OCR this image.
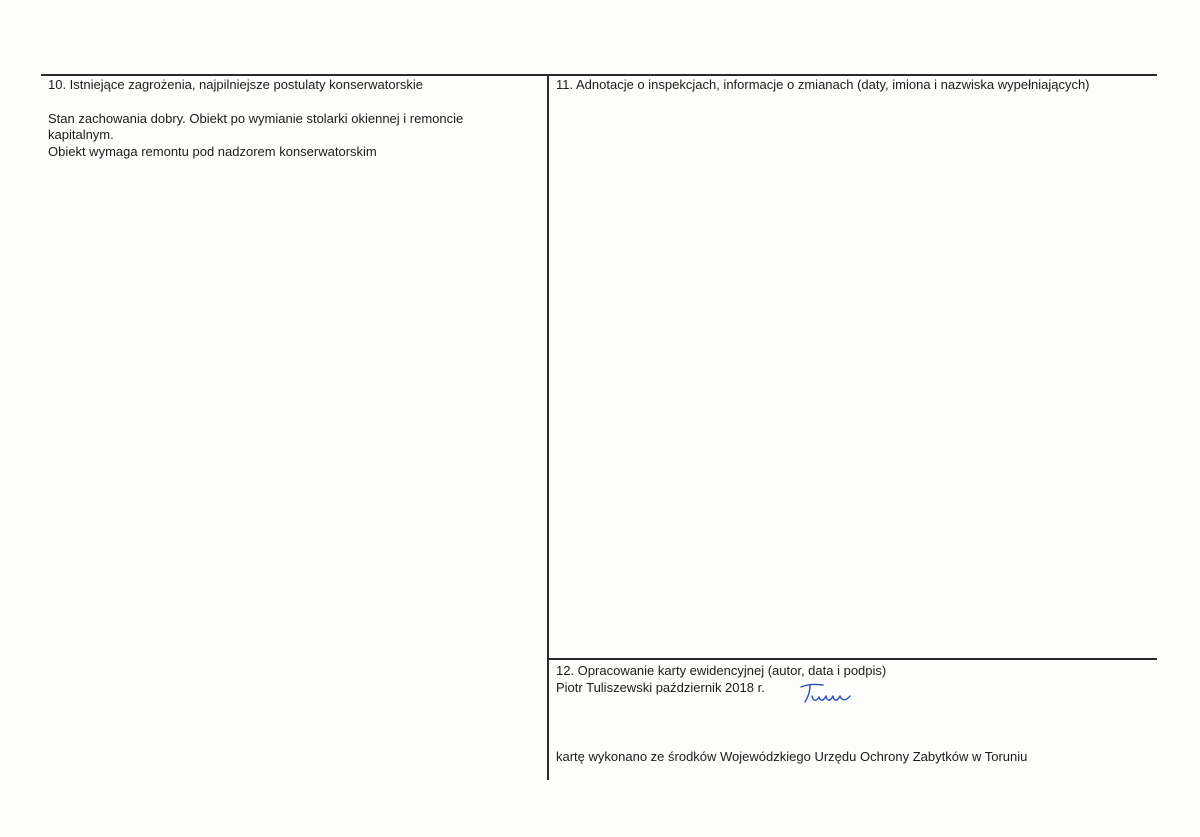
10. Istniejące zagrożenia, najpilniejsze postulaty konserwatorskie
Stan zachowania dobry. Obiekt po wymianie stolarki okiennej i remoncie kapitalnym.
Obiekt wymaga remontu pod nadzorem konserwatorskim
11. Adnotacje o inspekcjach, informacje o zmianach (daty, imiona i nazwiska wypełniających)
12. Opracowanie karty ewidencyjnej (autor, data i podpis)
Piotr Tuliszewski październik 2018 r.
kartę wykonano ze środków Wojewódzkiego Urzędu Ochrony Zabytków w Toruniu
